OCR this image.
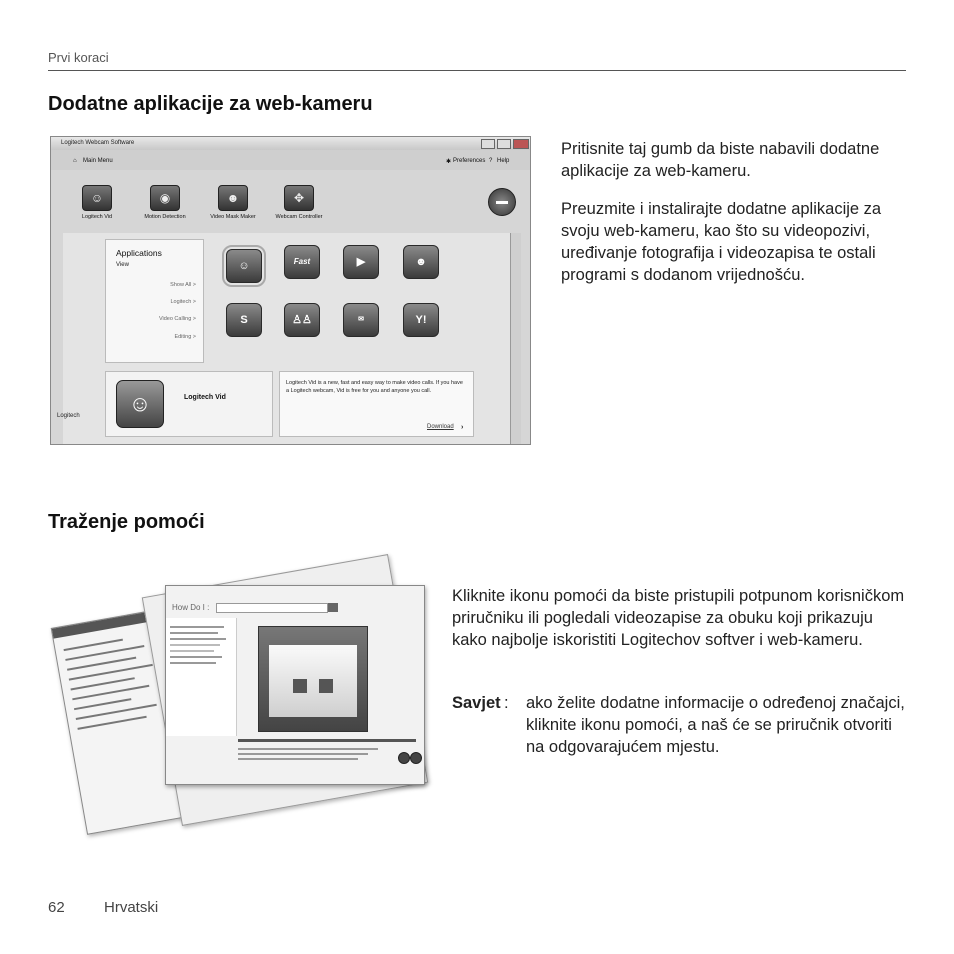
Prvi koraci
Dodatne aplikacije za web-kameru
Logitech Webcam Software
⌂ Main Menu	✱ Preferences ? Help
☺
Logitech Vid
◉
Motion Detection
☻
Video Mask Maker
✥
Webcam Controller
Applications
View
Show All >
Logitech >
Video Calling >
Editing >
☺	Fast	▶	☻
S	♙♙	✉	Y!
☺	Logitech Vid
Logitech Vid is a new, fast and easy way to make video calls. If you have a Logitech webcam, Vid is free for you and anyone you call.
Download ›
Logitech
Pritisnite taj gumb da biste nabavili dodatne aplikacije za web-kameru.
Preuzmite i instalirajte dodatne aplikacije za svoju web-kameru, kao što su videopozivi, uređivanje fotografija i videozapisa te ostali programi s dodanom vrijednošću.
Traženje pomoći
How Do I :
Kliknite ikonu pomoći da biste pristupili potpunom korisničkom priručniku ili pogledali videozapise za obuku koji prikazuju kako najbolje iskoristiti Logitechov softver i web-kameru.
Savjet : ako želite dodatne informacije o određenoj značajci, kliknite ikonu pomoći, a naš će se priručnik otvoriti na odgovarajućem mjestu.
62	Hrvatski
